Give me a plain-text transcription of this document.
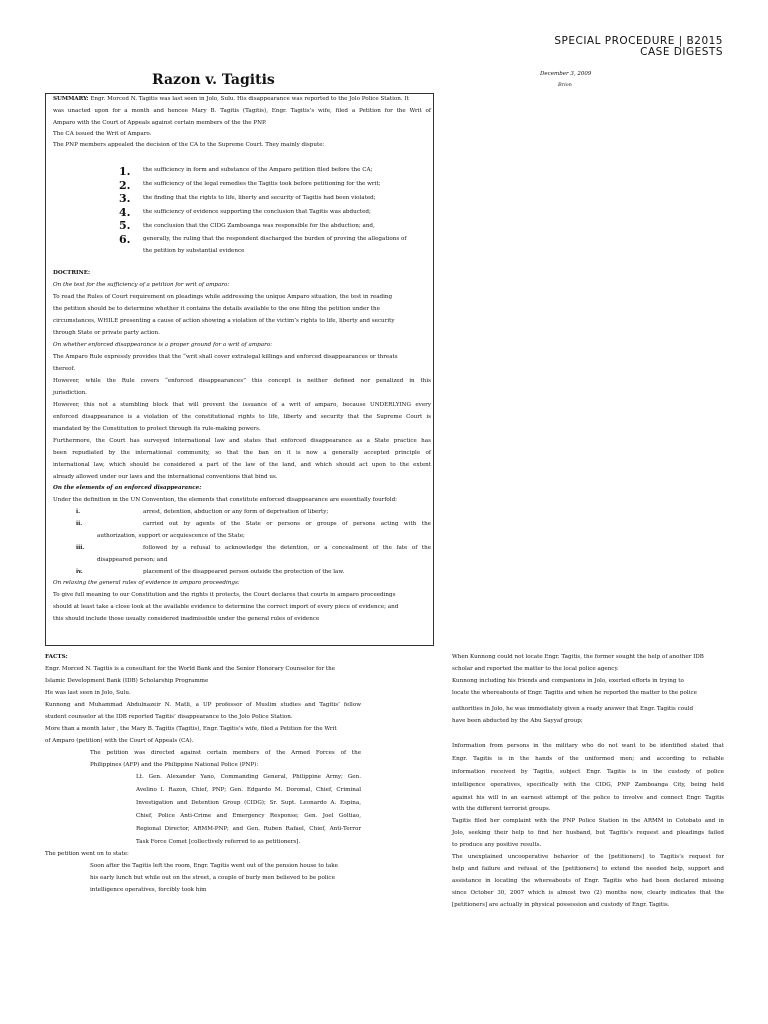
SPECIAL PROCEDURE | B2015
CASE DIGESTS
Razon v. Tagitis	December 3, 2009
Brion
SUMMARY: Engr. Morced N. Tagitis was last seen in Jolo, Sulu. His disappearance was reported to the Jolo Police Station. It
was unacted upon for a month and hencee Mary B. Tagitis (Tagitis), Engr. Tagitis’s wife, filed a Petition for the Writ of
Amparo with the Court of Appeals against certain members of the the PNP.
The CA issued the Writ of Amparo.
The PNP members appealed the decision of the CA to the Supreme Court. They mainly dispute:
1. the sufficiency in form and substance of the Amparo petition filed before the CA;
2. the sufficiency of the legal remedies the Tagitis took before petitioning for the writ;
3. the finding that the rights to life, liberty and security of Tagitis had been violated;
4. the sufficiency of evidence supporting the conclusion that Tagitis was abducted;
5. the conclusion that the CIDG Zamboanga was responsible for the abduction; and,
6. generally, the ruling that the respondent discharged the burden of proving the allegations of
the petition by substantial evidence
DOCTRINE:
On the test for the sufficiency of a petition for writ of amparo:
To read the Rules of Court requirement on pleadings while addressing the unique Amparo situation, the test in reading
the petition should be to determine whether it contains the details available to the one filing the petition under the
circumstances, WHILE presenting a cause of action showing a violation of the victim’s rights to life, liberty and security
through State or private party action.
On whether enforced disappearance is a proper ground for a writ of amparo:
The Amparo Rule expressly provides that the “writ shall cover extralegal killings and enforced disappearances or threats
thereof.
However, while the Rule covers “enforced disappearances” this concept is neither defined nor penalized in this
jurisdiction.
However, this not a stumbling block that will prevent the issuance of a writ of amparo, because UNDERLYING every
enforced disappearance is a violation of the constitutional rights to life, liberty and security that the Supreme Court is
mandated by the Constitution to protect through its rule-making powers.
Furthermore, the Court has surveyed international law and states that enforced disappearance as a State practice has
been repudiated by the international community, so that the ban on it is now a generally accepted principle of
international law, which should be considered a part of the law of the land, and which should act upon to the extent
already allowed under our laws and the international conventions that bind us.
On the elements of an enforced disappearance:
Under the definition in the UN Convention, the elements that constitute enforced disappearance are essentially fourfold:
i.	arrest, detention, abduction or any form of deprivation of liberty;
ii.	carried out by agents of the State or persons or groups of persons acting with the
authorization, support or acquiescence of the State;
iii.	followed by a refusal to acknowledge the detention, or a concealment of the fate of the
disappeared person; and
iv.	placement of the disappeared person outside the protection of the law.
On relaxing the general rules of evidence in amparo proceedings:
To give full meaning to our Constitution and the rights it protects, the Court declares that courts in amparo proceedings
should at least take a close look at the available evidence to determine the correct import of every piece of evidence; and
this should include those usually considered inadmissible under the general rules of evidence
FACTS:
Engr. Morced N. Tagitis is a consultant for the World Bank and the Senior Honorary Counselor for the
Islamic Development Bank (IDB) Scholarship Programme
He was last seen in Jolo, Sulu.
Kunnong and Muhammad Abdulnazeir N. Matli, a UP professor of Muslim studies and Tagitis’ fellow
student counselor at the IDB reported Tagitis’ disappearance to the Jolo Police Station.
More than a month later , the Mary B. Tagitis (Tagitis), Engr. Tagitis’s wife, filed a Petition for the Writ
of Amparo (petition) with the Court of Appeals (CA).
The petition was directed against certain members of the Armed Forces of the
Philippines (AFP) and the Philippine National Police (PNP):
Lt. Gen. Alexander Yano, Commanding General, Philippine Army; Gen.
Avelino I. Razon, Chief, PNP; Gen. Edgardo M. Doromal, Chief, Criminal
Investigation and Detention Group (CIDG); Sr. Supt. Leonardo A. Espina,
Chief, Police Anti-Crime and Emergency Response; Gen. Joel Goltiao,
Regional Director, ARMM-PNP; and Gen. Ruben Rafael, Chief, Anti-Terror
Task Force Comet [collectively referred to as petitioners].
The petition went on to state:
Soon after the Tagitis left the room, Engr. Tagitis went out of the pension house to take
his early lunch but while out on the street, a couple of burly men believed to be police
intelligence operatives, forcibly took him
When Kunnong could not locate Engr. Tagitis, the former sought the help of another IDB
scholar and reported the matter to the local police agency.
Kunnong including his friends and companions in Jolo, exerted efforts in trying to
locate the whereabouts of Engr. Tagitis and when he reported the matter to the police
authorities in Jolo, he was immediately given a ready answer that Engr. Tagitis could
have been abducted by the Abu Sayyaf group;
Information from persons in the military who do not want to be identified stated that
Engr. Tagitis is in the hands of the uniformed men; and according to reliable
information received by Tagitis, subject Engr. Tagitis is in the custody of police
intelligence operatives, specifically with the CIDG, PNP Zamboanga City, being held
against his will in an earnest attempt of the police to involve and connect Engr. Tagitis
with the different terrorist groups.
Tagitis filed her complaint with the PNP Police Station in the ARMM in Cotobato and in
Jolo, seeking their help to find her husband, but Tagitis’s request and pleadings failed
to produce any positive results.
The unexplained uncooperative behavior of the [petitioners] to Tagitis’s request for
help and failure and refusal of the [petitioners] to extend the needed help, support and
assistance in locating the whereabouts of Engr. Tagitis who had been declared missing
since October 30, 2007 which is almost two (2) months now, clearly indicates that the
[petitioners] are actually in physical possession and custody of Engr. Tagitis.
